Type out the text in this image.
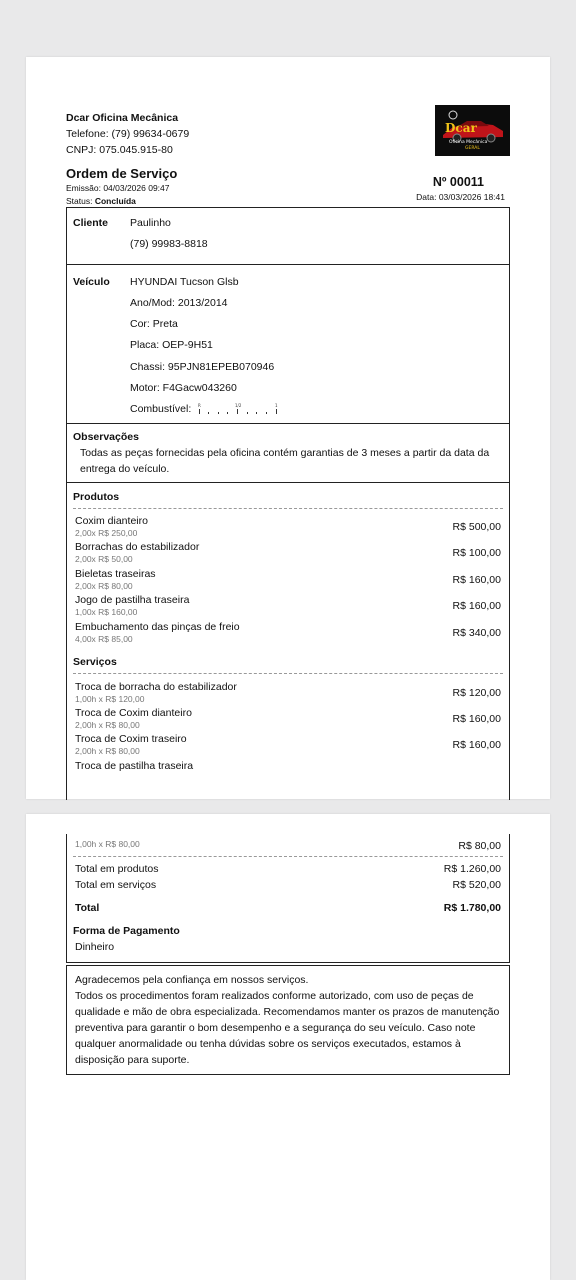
Dcar Oficina Mecânica
Telefone: (79) 99634-0679
CNPJ: 075.045.915-80
Dcar
Oficina Mecânica
GERAL
Ordem de Serviço
Emissão: 04/03/2026 09:47
Status: Concluída
Nº 00011
Data: 03/03/2026 18:41
Cliente Paulinho
(79) 99983-8818
Veículo HYUNDAI Tucson Glsb
Ano/Mod: 2013/2014
Cor: Preta
Placa: OEP-9H51
Chassi: 95PJN81EPEB070946
Motor: F4Gacw043260
Combustível: R	1/2	1
Observações
Todas as peças fornecidas pela oficina contém garantias de 3 meses a partir da data da entrega do veículo.
Produtos
Coxim dianteiro
2,00x R$ 250,00	R$ 500,00
Borrachas do estabilizador
2,00x R$ 50,00	R$ 100,00
Bieletas traseiras
2,00x R$ 80,00	R$ 160,00
Jogo de pastilha traseira
1,00x R$ 160,00	R$ 160,00
Embuchamento das pinças de freio
4,00x R$ 85,00	R$ 340,00
Serviços
Troca de borracha do estabilizador
1,00h x R$ 120,00	R$ 120,00
Troca de Coxim dianteiro
2,00h x R$ 80,00	R$ 160,00
Troca de Coxim traseiro
2,00h x R$ 80,00	R$ 160,00
Troca de pastilha traseira
1,00h x R$ 80,00	R$ 80,00
Total em produtos	R$ 1.260,00
Total em serviços	R$ 520,00
Total	R$ 1.780,00
Forma de Pagamento
Dinheiro

Agradecemos pela confiança em nossos serviços.

Todos os procedimentos foram realizados conforme autorizado, com uso de peças de qualidade e mão de obra especializada. Recomendamos manter os prazos de manutenção preventiva para garantir o bom desempenho e a segurança do seu veículo. Caso note qualquer anormalidade ou tenha dúvidas sobre os serviços executados, estamos à disposição para suporte.
